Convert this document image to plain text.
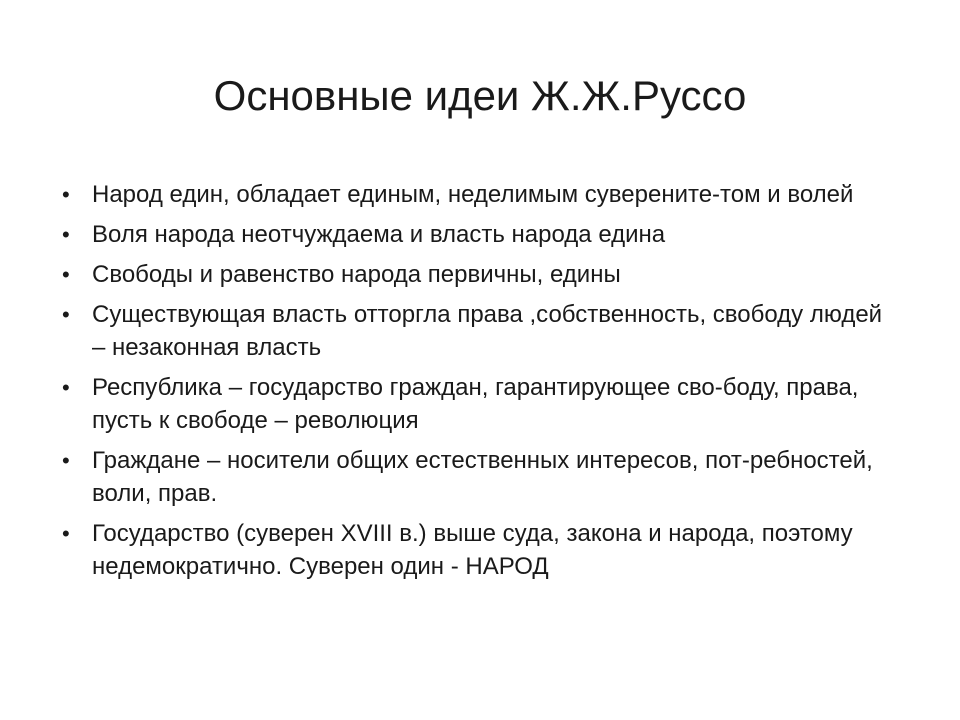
Основные идеи Ж.Ж.Руссо
• Народ един, обладает единым, неделимым суверените-том и волей
• Воля народа неотчуждаема и власть народа едина
• Свободы и равенство народа первичны, едины
• Существующая власть отторгла права ,собственность, свободу людей – незаконная власть
• Республика – государство граждан, гарантирующее сво-боду, права, пусть к свободе – революция
• Граждане – носители общих естественных интересов, пот-ребностей, воли, прав.
• Государство (суверен XVIII в.) выше суда, закона и народа, поэтому недемократично. Суверен один - НАРОД
